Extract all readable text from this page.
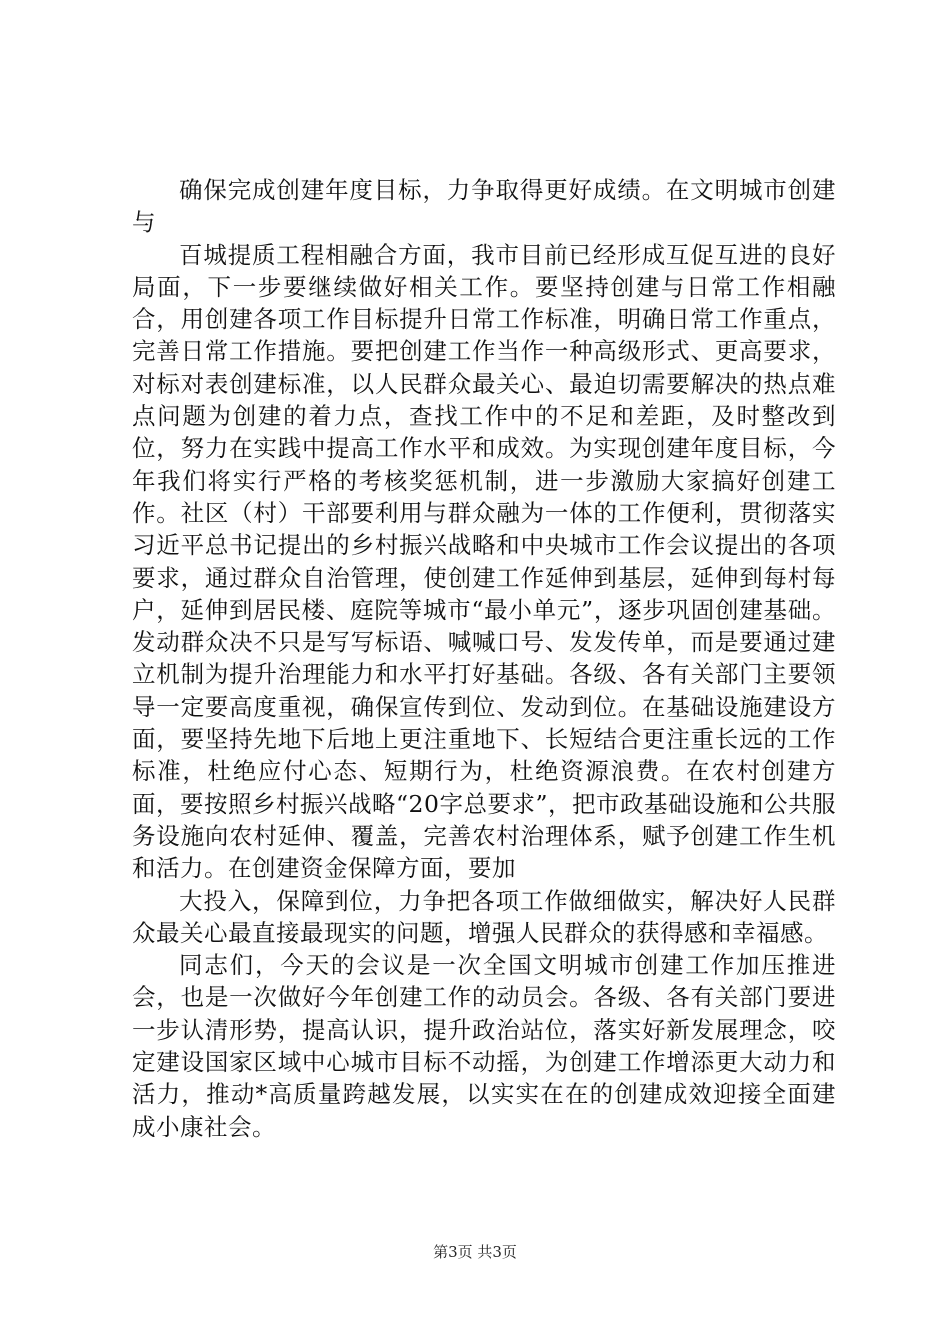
确保完成创建年度目标，力争取得更好成绩。在文明城市创建与

百城提质工程相融合方面，我市目前已经形成互促互进的良好局面，下一步要继续做好相关工作。要坚持创建与日常工作相融合，用创建各项工作目标提升日常工作标准，明确日常工作重点，完善日常工作措施。要把创建工作当作一种高级形式、更高要求，对标对表创建标准，以人民群众最关心、最迫切需要解决的热点难点问题为创建的着力点，查找工作中的不足和差距，及时整改到位，努力在实践中提高工作水平和成效。为实现创建年度目标，今年我们将实行严格的考核奖惩机制，进一步激励大家搞好创建工作。社区（村）干部要利用与群众融为一体的工作便利，贯彻落实习近平总书记提出的乡村振兴战略和中央城市工作会议提出的各项要求，通过群众自治管理，使创建工作延伸到基层，延伸到每村每户，延伸到居民楼、庭院等城市“最小单元”，逐步巩固创建基础。发动群众决不只是写写标语、喊喊口号、发发传单，而是要通过建立机制为提升治理能力和水平打好基础。各级、各有关部门主要领导一定要高度重视，确保宣传到位、发动到位。在基础设施建设方面，要坚持先地下后地上更注重地下、长短结合更注重长远的工作标准，杜绝应付心态、短期行为，杜绝资源浪费。在农村创建方面，要按照乡村振兴战略“20字总要求”，把市政基础设施和公共服务设施向农村延伸、覆盖，完善农村治理体系，赋予创建工作生机和活力。在创建资金保障方面，要加

大投入，保障到位，力争把各项工作做细做实，解决好人民群众最关心最直接最现实的问题，增强人民群众的获得感和幸福感。

同志们，今天的会议是一次全国文明城市创建工作加压推进会，也是一次做好今年创建工作的动员会。各级、各有关部门要进一步认清形势，提高认识，提升政治站位，落实好新发展理念，咬定建设国家区域中心城市目标不动摇，为创建工作增添更大动力和活力，推动*高质量跨越发展，以实实在在的创建成效迎接全面建成小康社会。

第3页 共3页
